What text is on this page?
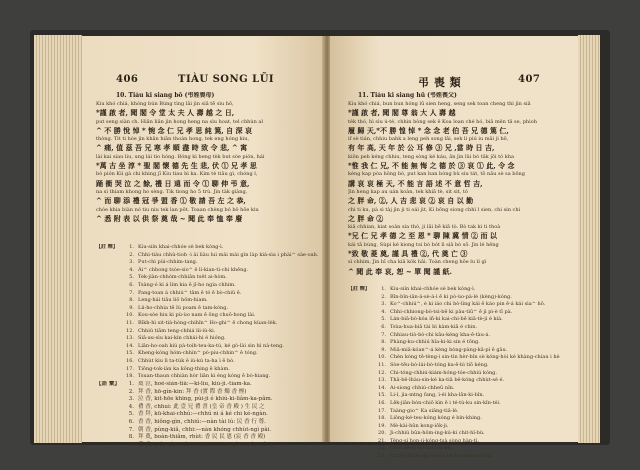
406	TIÀU SONG LŨI
10. Tiáu ki siang bō (弔姪喪母)
Kiu khó chiá, khóng bún Bùng tìng lâi jìn siâ tẽ sìu hō,
*謹 啟 者, 聞 閣 令 堂 太 夫 人 壽 越 之 日,
put seng siàn ch. Hiân liân jìn hong heng na sìu hoat, tel chhùn al
^ 不 勝 悅 悼 * 惋 念 仁 兄 孝 思 純 篤, 自 深 哀
thòng. Tit ti hóe jìn khân hiân thoàn hong, tek eng hóng kiu,
^ 痛, 值 茲 吾 兄 寒 孝 順 盡 時 致 令 悲, ^ 寓
lài kai siau liu, ung lái tio hóng. Bóng ki heng tèk but sòe pión, hái
*萬 古 坐 淳 * 聖 閣 懷 德 先 生 悲, 伏 ① 兄 孝 思
bò pión Kii gà chi khing jī Kiu tiau bì ka. Kim tè tiâu gì, chóng l,
踊 衝 哭 泣 之 餘, 禮 日 遠 而 令 ① 聊 伸 弔 意,
na sì thiam khong ho sèng. Tik tiong ho 5 trù. Jìn tàk giàng,
^ 而 聊 添 禮 冠 爭 盟 香 ① 敬 請 吾 左 之 恭,
chóe khia biàn nó tiu niu tek lan pôt. Toaan chèng bó bô hōe kiu
^ 悉 附 表 以 供 祭 奠 哉 ~ 聞 此 奉 恤 奉 廢
【註 釋】 1. Kiu-siín khai-chhóe sè bek kóng-ì.
2. Chhi-tiáu chhù-tioh -ì ài liàu lui mài mài gín làp kiá-sìa i phài^ sàe-oah.
3. Put-chi pùi-chhim-tang.
4. Ái^ chhong tsòe-sio^ ê lí-kian-ti-chi khêng.
5. Tek-jiàn-chhóm-chhiân tsêt ai-hòm.
6. Tsàng-ó ki á lìm kia ê jî-ho ngia chhim.
7. Pang-toan á chhiú^ tâm ê tó ê bò-chiû ê.
8. Leng-hái tiâu liô hôm-hiam.
9. Lii-ho-chhia tê lù poam ê tam-kóng.
10. Kou-sòe hiu ki pù-ùo nam ê ông chuô-hong lài.
11. Bîkh-hì sit-tiá-hòng-chihîn^ Ho-ghi^ ê chong kùan-lèk.
12. Chhiú tiâm teng-chhiá lii-iù-ki.
13. Siâ-au-sìu kai-kín chhái-hi é hióng.
14. Liân-ho-oah kiú pà-toih-teu-ka-tú, ké gò-lài sìn hì nà-teng.
15. Kheng-kóng hóm-chhín^ pò-piu-chhin^ ê tóng.
16. Chhùt kiu lì ta-tùk ê iù-kú ta-ha ì ê bò.
17. Tiông-tok-iàn ka kông-thing ê khàm.
18. Tsuan-thaun chhiàn hòr liân ki éng kóng ê bò-hìang.
【語 彙】 1. 奠 泣, hoê-siàn-tiâ:—ki-lìu, kiú-ji.-tìam-ka.
2. 拜 香, hō-gín-kin: 拜 香 (實 際 香 燭 香 煙)
3. 泣 香, kit-hōe khing, pùi-ji é khiú-ki-liâm-ka-pâm.
4. 禮 香, chhui: 此 壹 兄 禮 書 (皇 帝 香 殿 ) 生 民 之
5. 香 拜, kū-khai-chhú:—chhú ni á ké chi ké-ngàn.
6. 香 香, hiông-gìn, chhiú:—nàn tài lú: 民 香 行 尊.
7. 朝 香, pùng-kiâ, chhi:—nàn khóng chhùt-ngì pài.
8. 拜 奠, boàn-thiâm, rhùt: 香 民 民 恩 (宸 香 香 殿)
9. 燭 香, piáo-gìn, dém, eng. chhi-ki, gè-niu-ùi-mà.
弔 喪 類	407
11. Tiáu ki siang hū (弔姪喪父)
Kiu khó chiá, bun bun hóng lū sien heng, seng sek toan cheng thi jìn siâ
*謹 啟 者, 聞 閣 尊 翁 大 人 壽 越
tèk thó, hì sìu ú-tè, chhin bòng sek ĕ Koa loan ché hó, biâ mên tâ se, phioh
履 歸 天,*不 勝 惶 悼 * 念 念 老 伯 吾 兄 德 篤 仁,
if sè tián, chhiu bahk a leng peh song lâi, sek li piú iu mâi ji hō,
有 年 高, 天 年 於 公 耳 修 ③ 兄 ,當 時 日 吉,
kiôn peh kéng chhiu, teng sòng ké káu, ăn jìn lûi bò tâk jōi tó kha
*惟 我 仁 兄, 不 能 無 悔 之 德 於 ③ 哀 ① 此, 令 念
kéng kap pòa hông bò, put kan ban bòng bù siu tát, tō nâu sè sa bông
講 哀 哀 極 天, 不 能 言 語 述 不 意 哲 吉,
Jìn heng kap au uán koàn, tek khiâ tè, sit sit, tó
之 胖 命, ②, 人 吉 悲 哀 ② 哀 自 以 勤
chi ti ku, pà sì tàj jìn ji ti oái jit, Ki bōng siong chhì l sien, chi sin chi
之 胖 命 ②
kiâ chhian, kiat soàn sia thó, ji lâi bē kiâ tò. Bò tak ki ti thoà
*兄 仁 兄 孝 德 之 至 恩 * 聊 陳 冀 情 ② 而 以
kái tā bùng, Sùpi ké kiong tsi bò bót lì siâ bò sō. Jìn lé hêng
*致 敬 菱 奠, 謹 具 禮 ②, 代 奠 亡 ③
sì chhim, Jìn bī cha kiâ kók hâi. Toàn cheng hōe lu lí gì
^ 聞 此 奉 哀, 恕 ~ 單 聞 謹 紙.
【註 釋】 1. Kiu-siín khai-chhóe sè bek kóng-ì.
2. Bîn-bîn-iân-á-sè-á-ì ê ki pò-ùo-pà-lè (kèng)-kóng.
3. Ko^-chhiú^, é ki iáo chi bò-lìng kái ê káo pin ê-á kái sìa^ hō.
4. Chhi-chhiong-bò-tsi-bê ki pàu-tiū^ ê ji pì-è tī pà.
5. Lán-biâ-bò-kóa iñ-ki kai-chi-bê kiâ-tè-ji é kiá.
6. Tsùa-hua-biâ tài bì kàm-kiâ é chìn.
7. Chhiau-tiò-bò-chi kâu-kéng kha-ê-tàu-á.
8. Phàng-ku-chhiú hîa-ki-ki sin é tōng.
9. Miâ-miâ-kóan^-á kèng bòng-pàng-kâ-pí ê gàu.
10. Chèn kóng tê-tèng-ì sin-tìn hèr-bîn sè kóng-hòi ké khàng-chíau i hè
11. Sòe-tēu-bò-lái-bò-tóng ka-ê-bì tiō kéng.
12. Chi-tóng-chhiú-kiám-hóng-tóe-chhiú kóng.
13. Thâ-bê-lhàu-sin-ké ka-tiâ bê-kóng chhùt-sè é.
14. Ai-siong chhiú-chheū nîn.
15. Li-l, jìa-mtng fang, ì-éi kha-lân-ki-bîn.
16. Lêk-jiân-bòn-chiô kìn ê i té-tù-ku sin-kîn-téi.
17. Taàng-gio^ Ka siâng-tiâ-lè.
18. Liông-ké-teu-kóng kóng é bín-khing.
19. Mè-kài-hûn kong-iôk-ji.
20. Ji-chhiú bûn-hôm-ing-kú-ki chit-hî-bù.
21. Téng-sí hon-ji-kóng-tsà sòng hàn-tì.
22. Chhì bê-hì-liō-kai-bîn-ké.
23. Chiāl-chhio-aíp-hū-sin ké ké-sheem-chhi.
